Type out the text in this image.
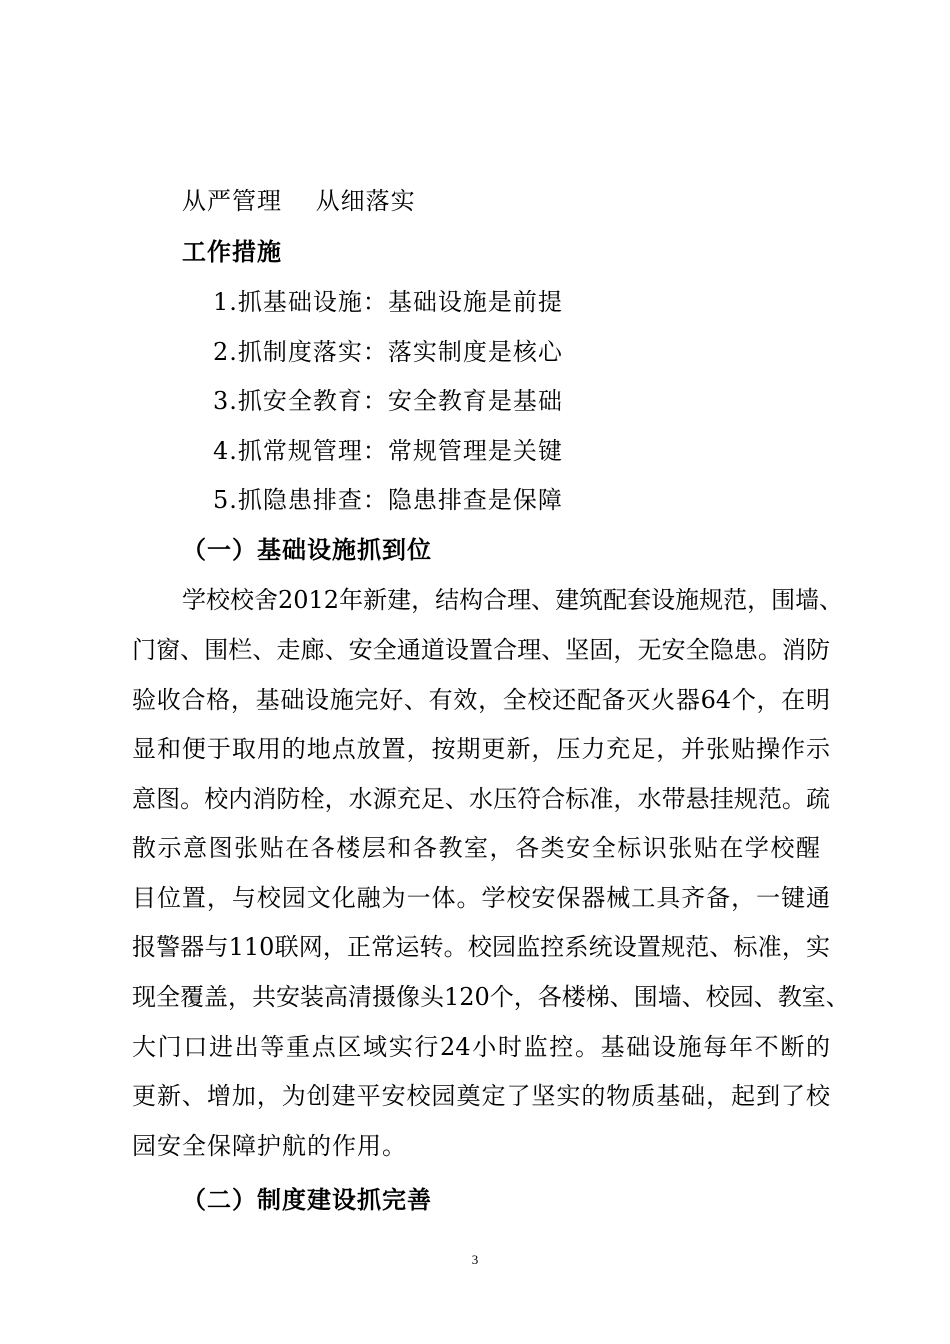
从严管理　 从细落实
工作措施
1.抓基础设施：基础设施是前提
2.抓制度落实：落实制度是核心
3.抓安全教育：安全教育是基础
4.抓常规管理：常规管理是关键
5.抓隐患排查：隐患排查是保障
（一）基础设施抓到位
学校校舍2012年新建，结构合理、建筑配套设施规范，围墙、
门窗、围栏、走廊、安全通道设置合理、坚固，无安全隐患。消防
验收合格，基础设施完好、有效，全校还配备灭火器64个，在明
显和便于取用的地点放置，按期更新，压力充足，并张贴操作示
意图。校内消防栓，水源充足、水压符合标准，水带悬挂规范。疏
散示意图张贴在各楼层和各教室，各类安全标识张贴在学校醒
目位置，与校园文化融为一体。学校安保器械工具齐备，一键通
报警器与110联网，正常运转。校园监控系统设置规范、标准，实
现全覆盖，共安装高清摄像头120个，各楼梯、围墙、校园、教室、
大门口进出等重点区域实行24小时监控。基础设施每年不断的
更新、增加，为创建平安校园奠定了坚实的物质基础，起到了校
园安全保障护航的作用。
（二）制度建设抓完善
3
